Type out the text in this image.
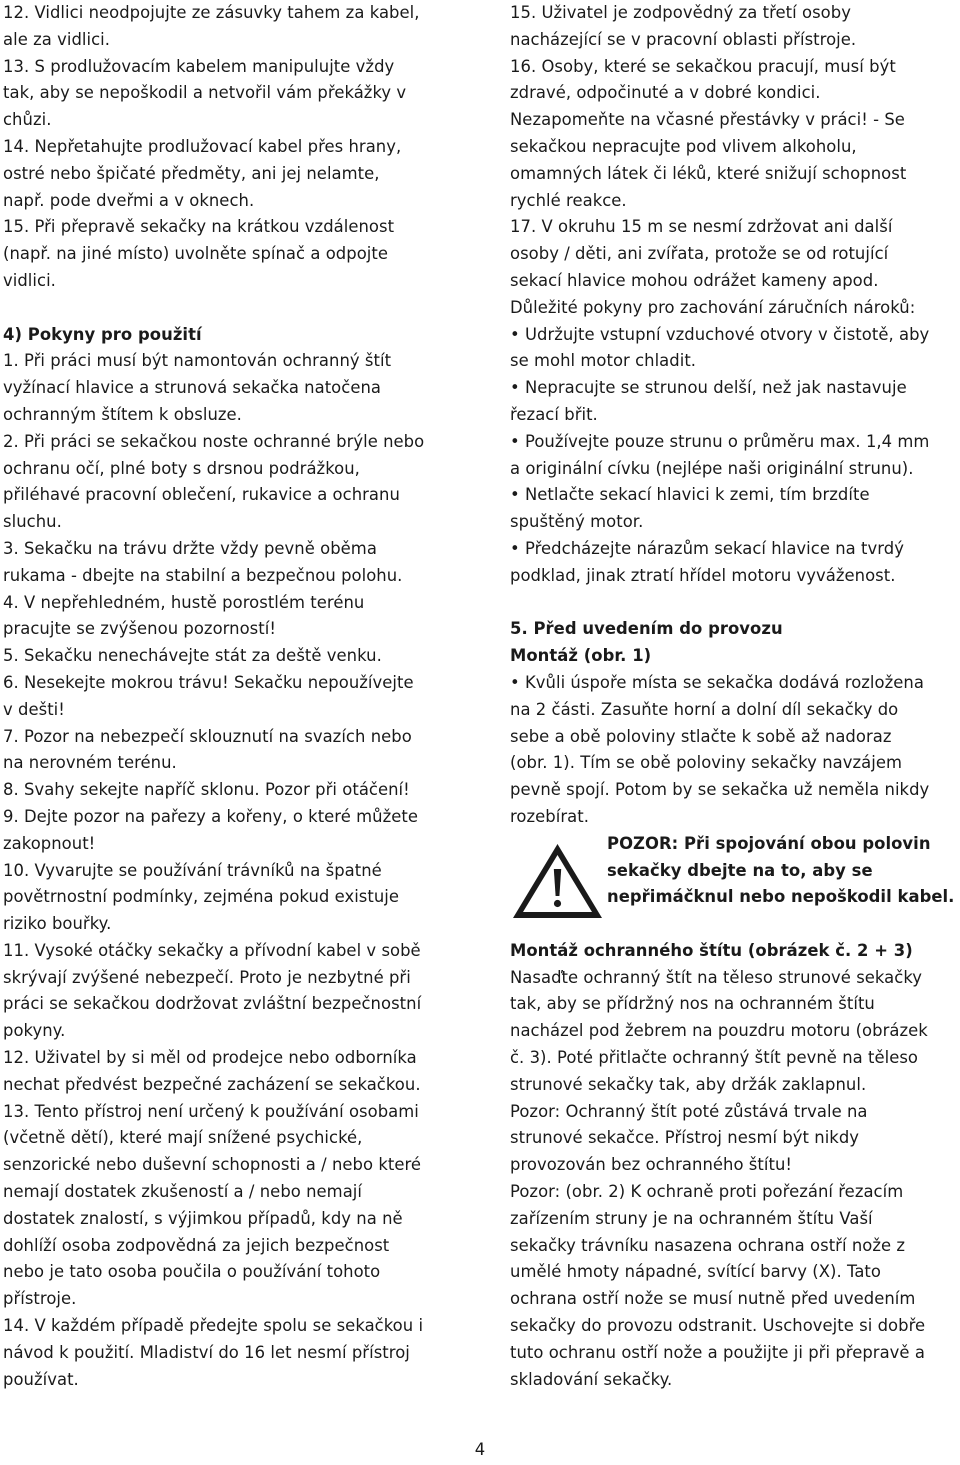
12. Vidlici neodpojujte ze zásuvky tahem za kabel,
ale za vidlici.
13. S prodlužovacím kabelem manipulujte vždy
tak, aby se nepoškodil a netvořil vám překážky v
chůzi.
14. Nepřetahujte prodlužovací kabel přes hrany,
ostré nebo špičaté předměty, ani jej nelamte,
např. pode dveřmi a v oknech.
15. Při přepravě sekačky na krátkou vzdálenost
(např. na jiné místo) uvolněte spínač a odpojte
vidlici.
4) Pokyny pro použití
1. Při práci musí být namontován ochranný štít
vyžínací hlavice a strunová sekačka natočena
ochranným štítem k obsluze.
2. Při práci se sekačkou noste ochranné brýle nebo
ochranu očí, plné boty s drsnou podrážkou,
přiléhavé pracovní oblečení, rukavice a ochranu
sluchu.
3. Sekačku na trávu držte vždy pevně oběma
rukama - dbejte na stabilní a bezpečnou polohu.
4. V nepřehledném, hustě porostlém terénu
pracujte se zvýšenou pozorností!
5. Sekačku nenechávejte stát za deště venku.
6. Nesekejte mokrou trávu! Sekačku nepoužívejte
v dešti!
7. Pozor na nebezpečí sklouznutí na svazích nebo
na nerovném terénu.
8. Svahy sekejte napříč sklonu. Pozor při otáčení!
9. Dejte pozor na pařezy a kořeny, o které můžete
zakopnout!
10. Vyvarujte se používání trávníků na špatné
povětrnostní podmínky, zejména pokud existuje
riziko bouřky.
11. Vysoké otáčky sekačky a přívodní kabel v sobě
skrývají zvýšené nebezpečí. Proto je nezbytné při
práci se sekačkou dodržovat zvláštní bezpečnostní
pokyny.
12. Uživatel by si měl od prodejce nebo odborníka
nechat předvést bezpečné zacházení se sekačkou.
13. Tento přístroj není určený k používání osobami
(včetně dětí), které mají snížené psychické,
senzorické nebo duševní schopnosti a / nebo které
nemají dostatek zkušeností a / nebo nemají
dostatek znalostí, s výjimkou případů, kdy na ně
dohlíží osoba zodpovědná za jejich bezpečnost
nebo je tato osoba poučila o používání tohoto
přístroje.
14. V každém případě předejte spolu se sekačkou i
návod k použití. Mladiství do 16 let nesmí přístroj
používat.
15. Uživatel je zodpovědný za třetí osoby
nacházející se v pracovní oblasti přístroje.
16. Osoby, které se sekačkou pracují, musí být
zdravé, odpočinuté a v dobré kondici.
Nezapomeňte na včasné přestávky v práci! - Se
sekačkou nepracujte pod vlivem alkoholu,
omamných látek či léků, které snižují schopnost
rychlé reakce.
17. V okruhu 15 m se nesmí zdržovat ani další
osoby / děti, ani zvířata, protože se od rotující
sekací hlavice mohou odrážet kameny apod.
Důležité pokyny pro zachování záručních nároků:
• Udržujte vstupní vzduchové otvory v čistotě, aby
se mohl motor chladit.
• Nepracujte se strunou delší, než jak nastavuje
řezací břit.
• Používejte pouze strunu o průměru max. 1,4 mm
a originální cívku (nejlépe naši originální strunu).
• Netlačte sekací hlavici k zemi, tím brzdíte
spuštěný motor.
• Předcházejte nárazům sekací hlavice na tvrdý
podklad, jinak ztratí hřídel motoru vyváženost.
5. Před uvedením do provozu
Montáž (obr. 1)
• Kvůli úspoře místa se sekačka dodává rozložena
na 2 části. Zasuňte horní a dolní díl sekačky do
sebe a obě poloviny stlačte k sobě až nadoraz
(obr. 1). Tím se obě poloviny sekačky navzájem
pevně spojí. Potom by se sekačka už neměla nikdy
rozebírat.
POZOR: Při spojování obou polovin
sekačky dbejte na to, aby se
nepřimáčknul nebo nepoškodil kabel.
Montáž ochranného štítu (obrázek č. 2 + 3)
Nasaďte ochranný štít na těleso strunové sekačky
tak, aby se přídržný nos na ochranném štítu
nacházel pod žebrem na pouzdru motoru (obrázek
č. 3). Poté přitlačte ochranný štít pevně na těleso
strunové sekačky tak, aby držák zaklapnul.
Pozor: Ochranný štít poté zůstává trvale na
strunové sekačce. Přístroj nesmí být nikdy
provozován bez ochranného štítu!
Pozor: (obr. 2) K ochraně proti pořezání řezacím
zařízením struny je na ochranném štítu Vaší
sekačky trávníku nasazena ochrana ostří nože z
umělé hmoty nápadné, svítící barvy (X). Tato
ochrana ostří nože se musí nutně před uvedením
sekačky do provozu odstranit. Uschovejte si dobře
tuto ochranu ostří nože a použijte ji při přepravě a
skladování sekačky.
4
